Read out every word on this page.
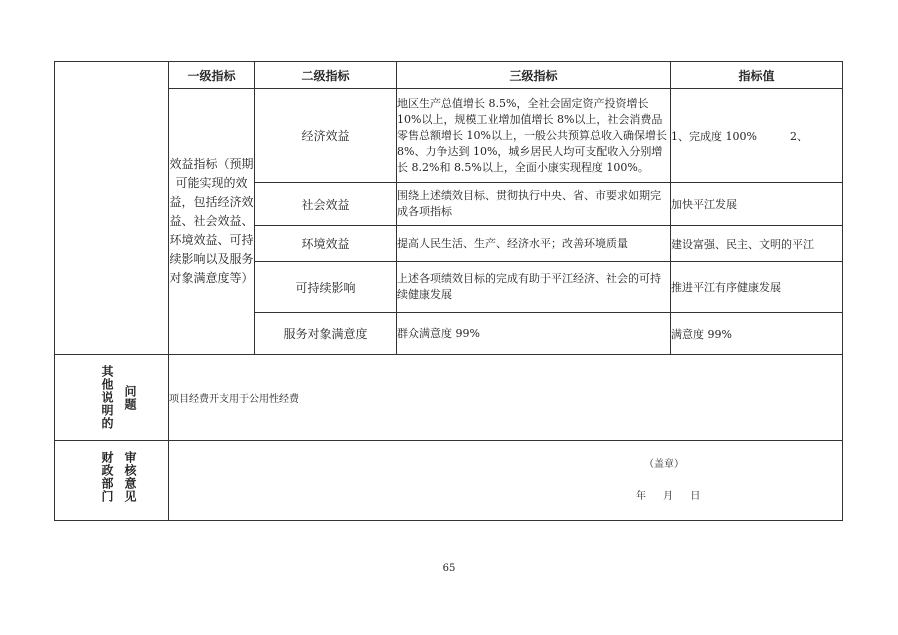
	一级指标	二级指标	三级指标	指标值
	效益指标（预期可能实现的效益，包括经济效益、社会效益、环境效益、可持续影响以及服务对象满意度等）	经济效益	地区生产总值增长 8.5%，全社会固定资产投资增长 10%以上，规模工业增加值增长 8%以上，社会消费品零售总额增长 10%以上，一般公共预算总收入确保增长 8%、力争达到 10%，城乡居民人均可支配收入分别增长 8.2%和 8.5%以上，全面小康实现程度 100%。	1、完成度 100%　　　2、
		社会效益	围绕上述绩效目标、贯彻执行中央、省、市要求如期完成各项指标	加快平江发展
		环境效益	提高人民生活、生产、经济水平；改善环境质量	建设富强、民主、文明的平江
		可持续影响	上述各项绩效目标的完成有助于平江经济、社会的可持续健康发展	推进平江有序健康发展
		服务对象满意度	群众满意度 99%	满意度 99%

其他说明的 问题	项目经费开支用于公用性经费			

财政部门 审核意见	（盖章）
年 月 日			
65
